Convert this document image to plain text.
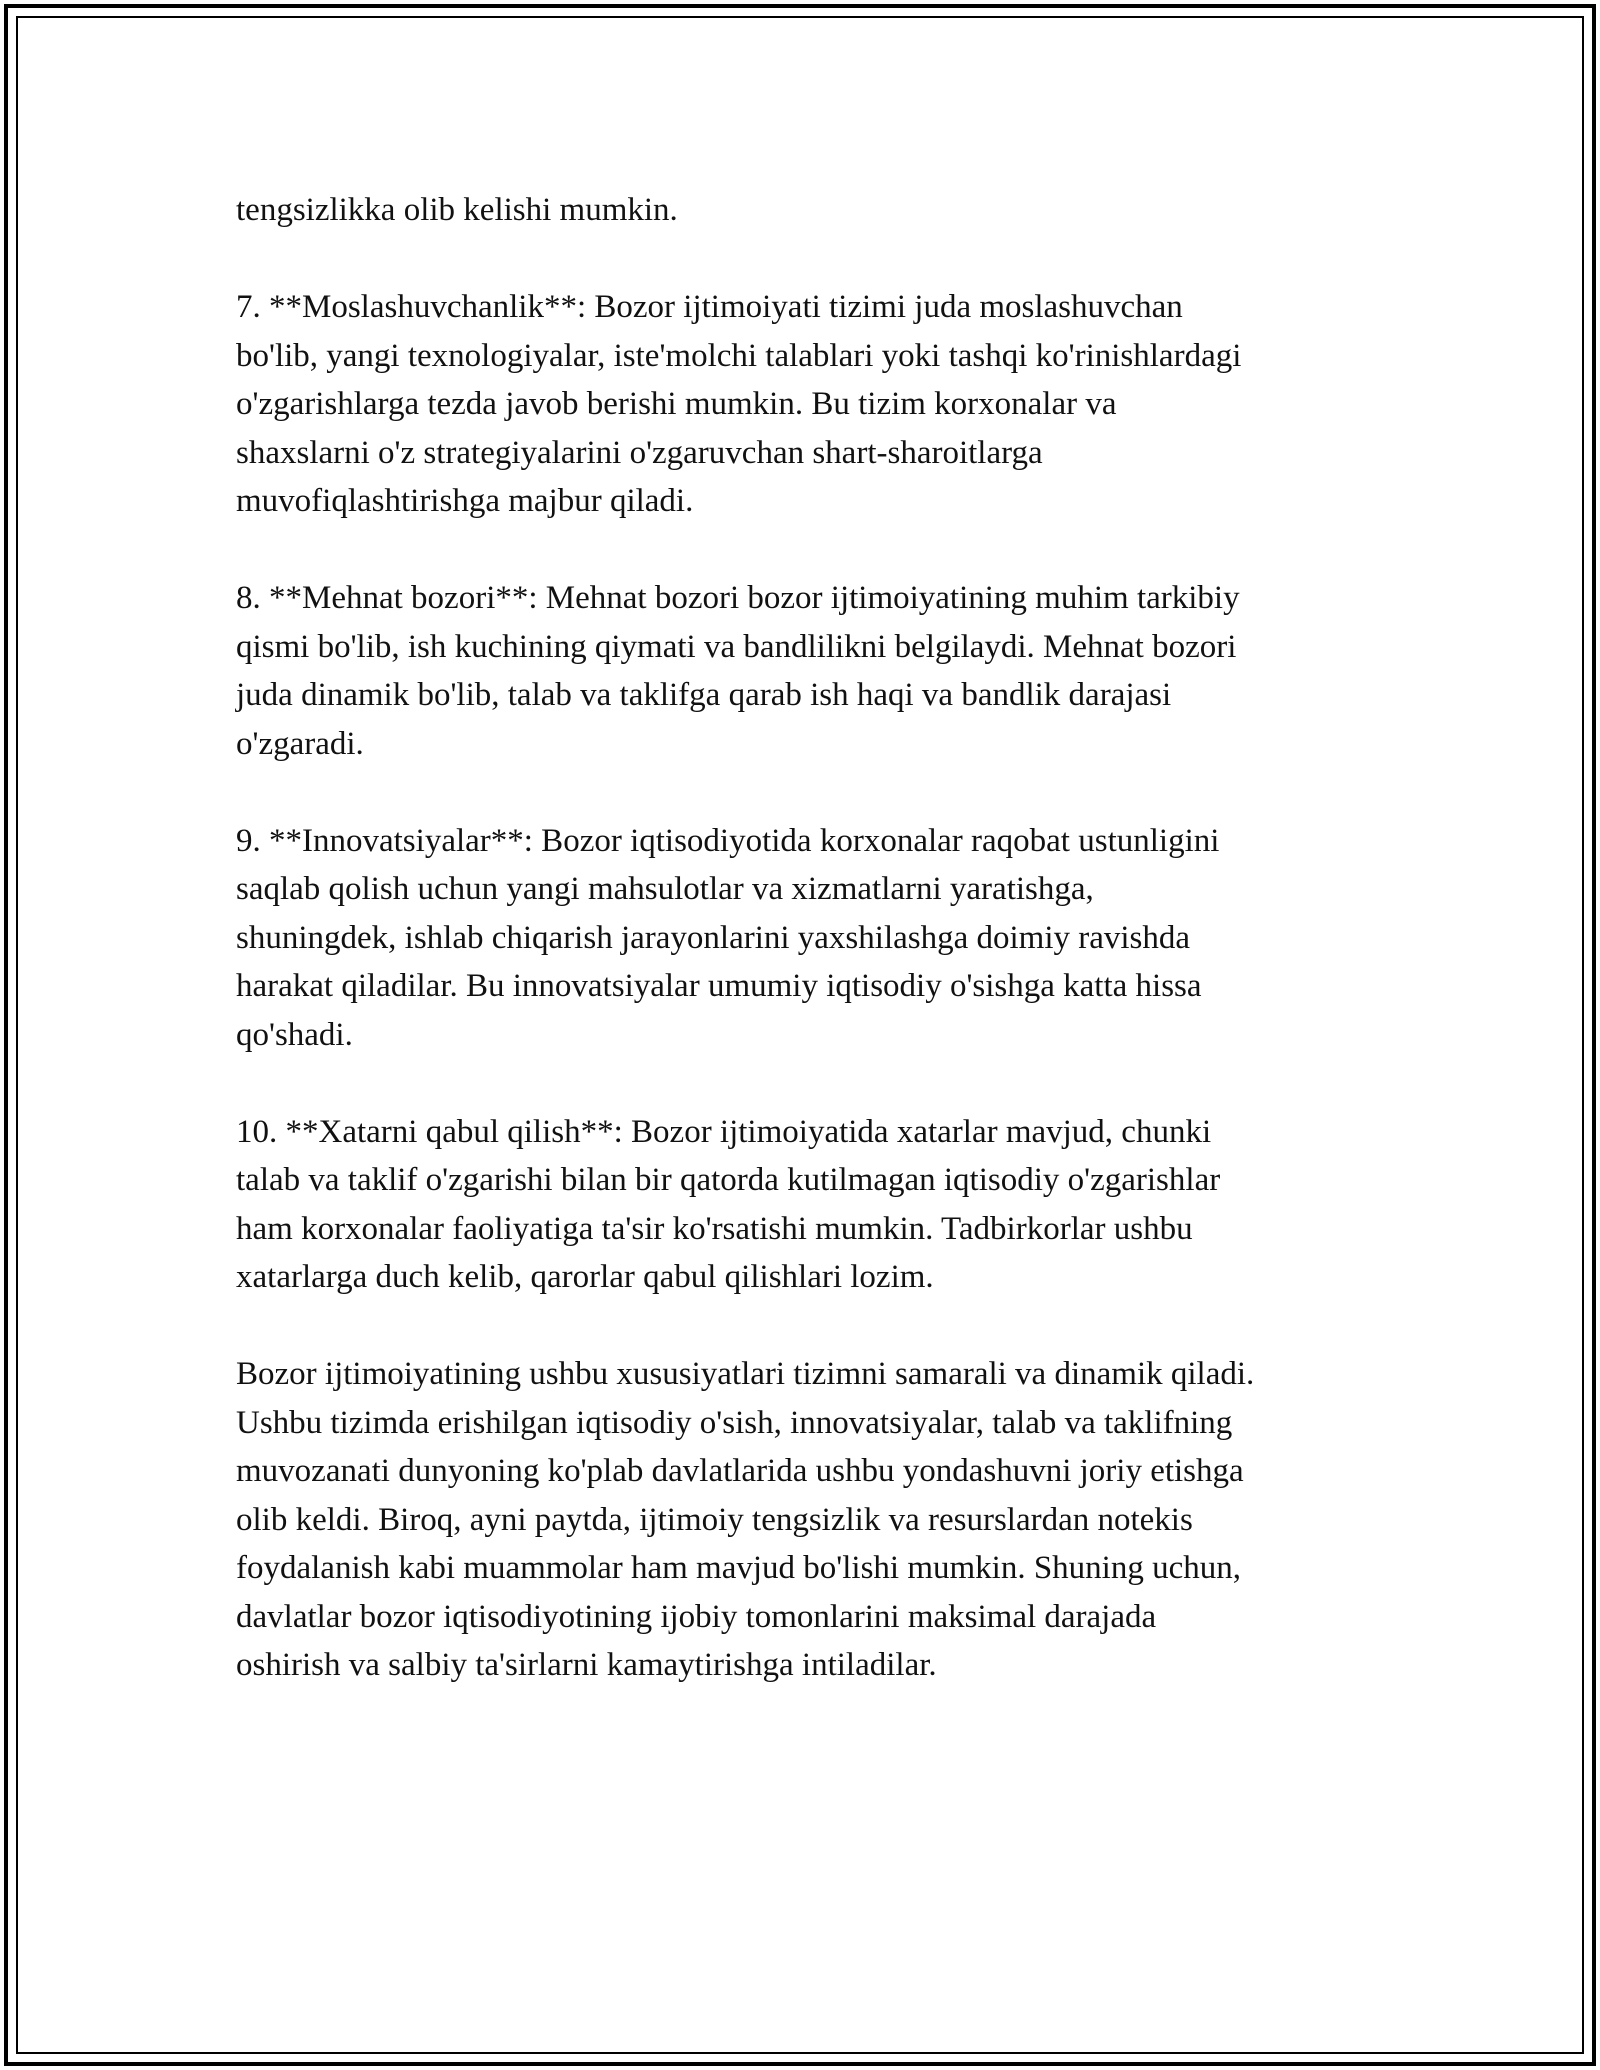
tengsizlikka olib kelishi mumkin.

7. **Moslashuvchanlik**: Bozor ijtimoiyati tizimi juda moslashuvchan
bo'lib, yangi texnologiyalar, iste'molchi talablari yoki tashqi ko'rinishlardagi
o'zgarishlarga tezda javob berishi mumkin. Bu tizim korxonalar va
shaxslarni o'z strategiyalarini o'zgaruvchan shart-sharoitlarga
muvofiqlashtirishga majbur qiladi.

8. **Mehnat bozori**: Mehnat bozori bozor ijtimoiyatining muhim tarkibiy
qismi bo'lib, ish kuchining qiymati va bandlilikni belgilaydi. Mehnat bozori
juda dinamik bo'lib, talab va taklifga qarab ish haqi va bandlik darajasi
o'zgaradi.

9. **Innovatsiyalar**: Bozor iqtisodiyotida korxonalar raqobat ustunligini
saqlab qolish uchun yangi mahsulotlar va xizmatlarni yaratishga,
shuningdek, ishlab chiqarish jarayonlarini yaxshilashga doimiy ravishda
harakat qiladilar. Bu innovatsiyalar umumiy iqtisodiy o'sishga katta hissa
qo'shadi.

10. **Xatarni qabul qilish**: Bozor ijtimoiyatida xatarlar mavjud, chunki
talab va taklif o'zgarishi bilan bir qatorda kutilmagan iqtisodiy o'zgarishlar
ham korxonalar faoliyatiga ta'sir ko'rsatishi mumkin. Tadbirkorlar ushbu
xatarlarga duch kelib, qarorlar qabul qilishlari lozim.

Bozor ijtimoiyatining ushbu xususiyatlari tizimni samarali va dinamik qiladi.
Ushbu tizimda erishilgan iqtisodiy o'sish, innovatsiyalar, talab va taklifning
muvozanati dunyoning ko'plab davlatlarida ushbu yondashuvni joriy etishga
olib keldi. Biroq, ayni paytda, ijtimoiy tengsizlik va resurslardan notekis
foydalanish kabi muammolar ham mavjud bo'lishi mumkin. Shuning uchun,
davlatlar bozor iqtisodiyotining ijobiy tomonlarini maksimal darajada
oshirish va salbiy ta'sirlarni kamaytirishga intiladilar.
